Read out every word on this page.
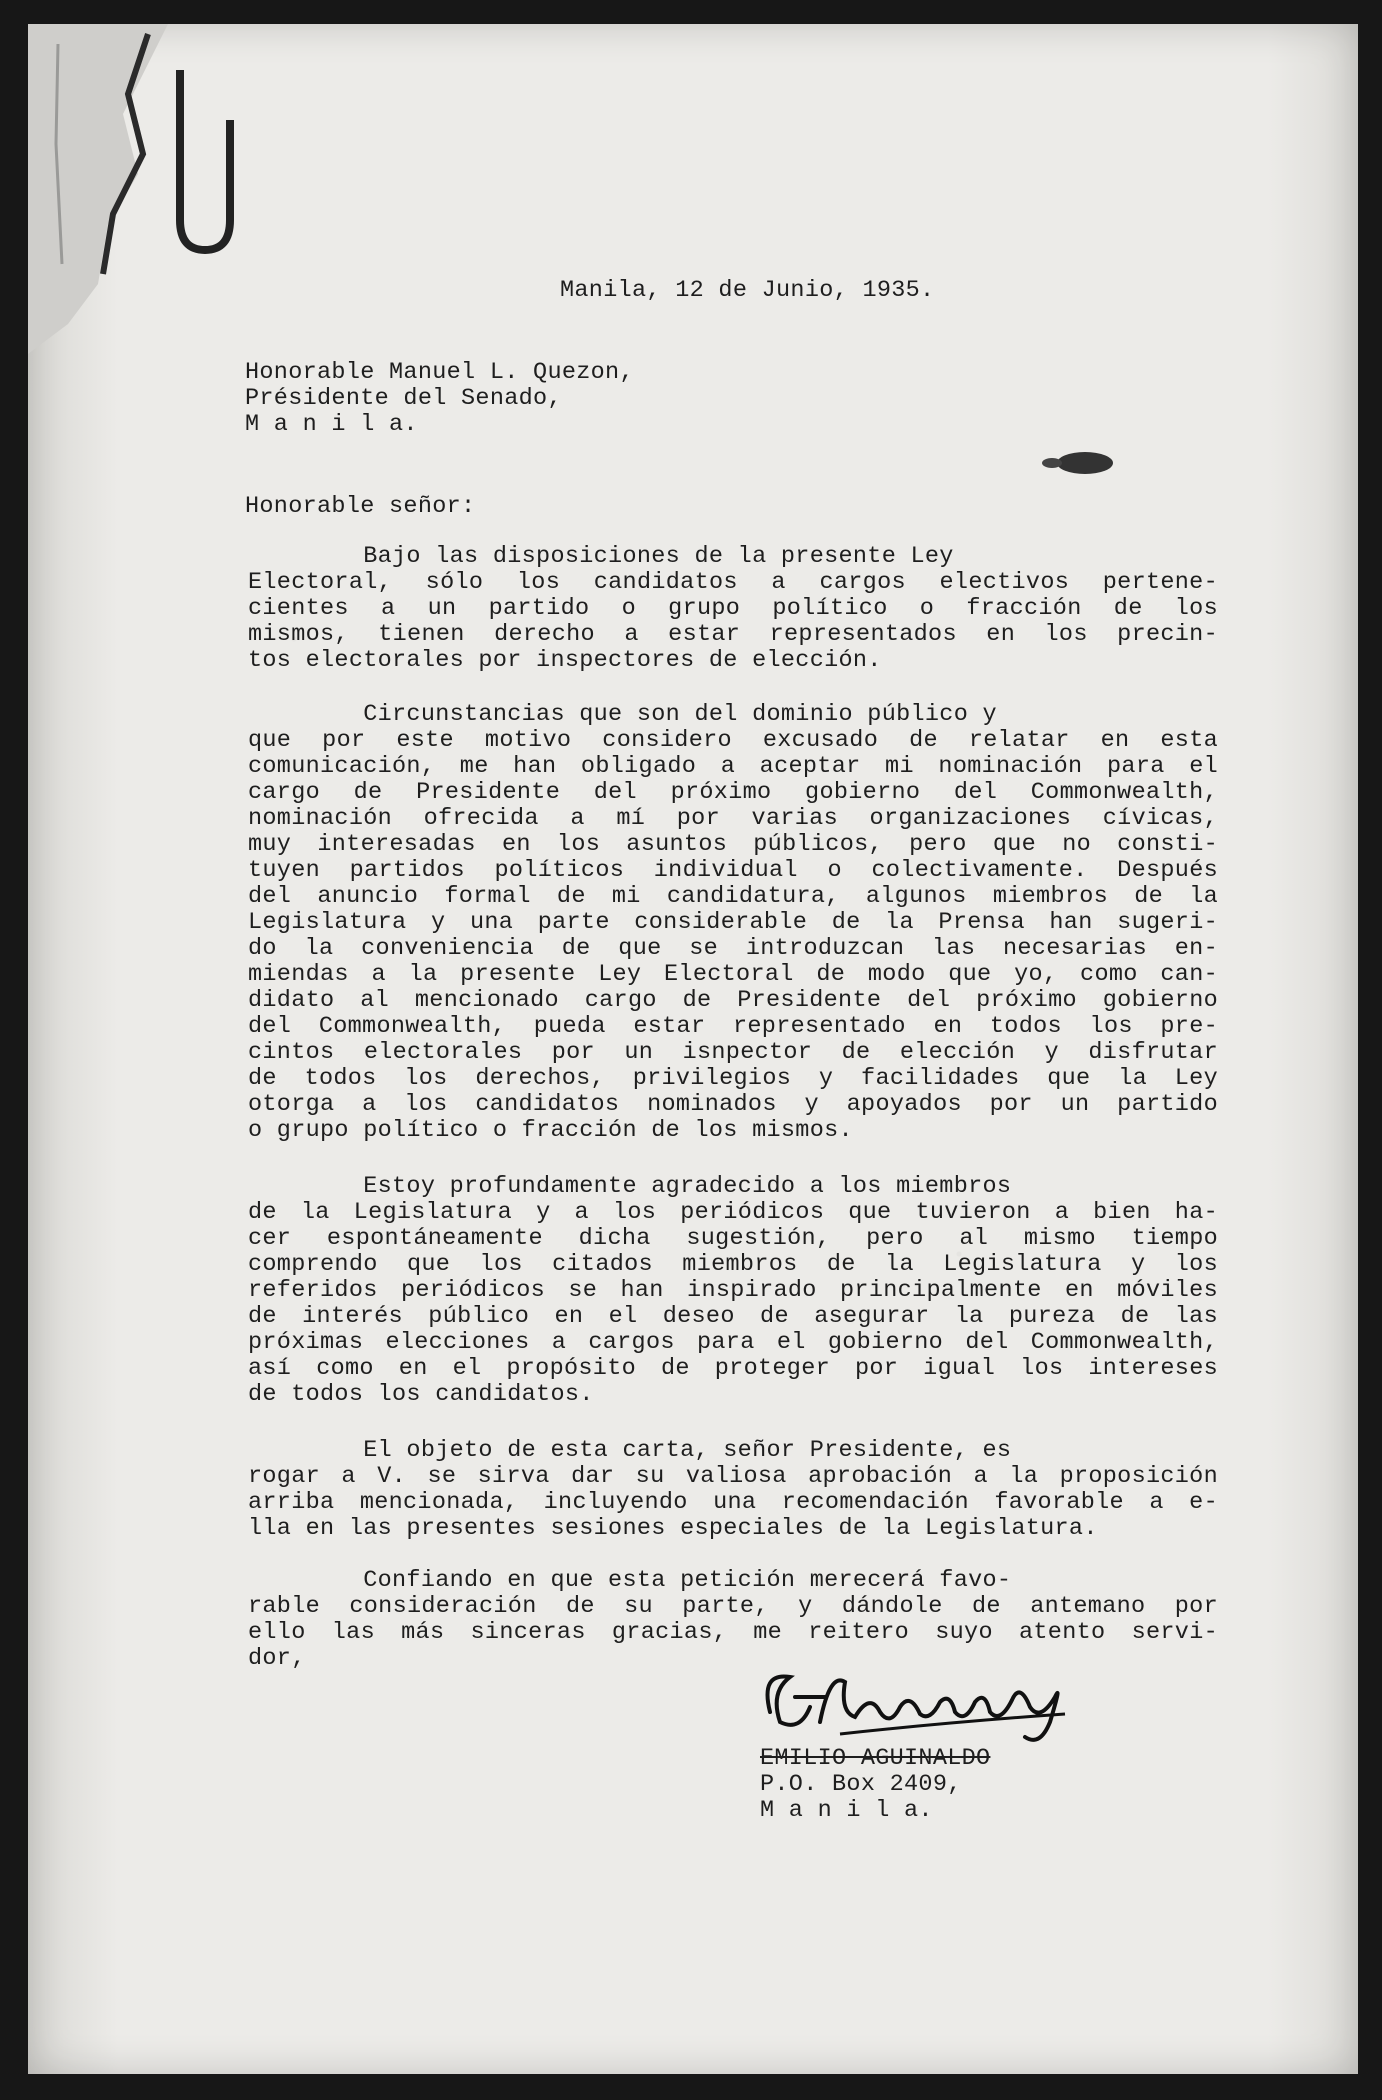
Manila, 12 de Junio, 1935.
Honorable Manuel L. Quezon,
Présidente del Senado,
M a n i l a.
Honorable señor:
Bajo las disposiciones de la presente Ley
Electoral, sólo los candidatos a cargos electivos pertene-
cientes a un partido o grupo político o fracción de los
mismos, tienen derecho a estar representados en los precin-
tos electorales por inspectores de elección.
Circunstancias que son del dominio público y
que por este motivo considero excusado de relatar en esta
comunicación, me han obligado a aceptar mi nominación para el
cargo de Presidente del próximo gobierno del Commonwealth,
nominación ofrecida a mí por varias organizaciones cívicas,
muy interesadas en los asuntos públicos, pero que no consti-
tuyen partidos políticos individual o colectivamente. Después
del anuncio formal de mi candidatura, algunos miembros de la
Legislatura y una parte considerable de la Prensa han sugeri-
do la conveniencia de que se introduzcan las necesarias en-
miendas a la presente Ley Electoral de modo que yo, como can-
didato al mencionado cargo de Presidente del próximo gobierno
del Commonwealth, pueda estar representado en todos los pre-
cintos electorales por un isnpector de elección y disfrutar
de todos los derechos, privilegios y facilidades que la Ley
otorga a los candidatos nominados y apoyados por un partido
o grupo político o fracción de los mismos.
Estoy profundamente agradecido a los miembros
de la Legislatura y a los periódicos que tuvieron a bien ha-
cer espontáneamente dicha sugestión, pero al mismo tiempo
comprendo que los citados miembros de la Legislatura y los
referidos periódicos se han inspirado principalmente en móviles
de interés público en el deseo de asegurar la pureza de las
próximas elecciones a cargos para el gobierno del Commonwealth,
así como en el propósito de proteger por igual los intereses
de todos los candidatos.
El objeto de esta carta, señor Presidente, es
rogar a V. se sirva dar su valiosa aprobación a la proposición
arriba mencionada, incluyendo una recomendación favorable a e-
lla en las presentes sesiones especiales de la Legislatura.
Confiando en que esta petición merecerá favo-
rable consideración de su parte, y dándole de antemano por
ello las más sinceras gracias, me reitero suyo atento servi-
dor,
EMILIO AGUINALDO
P.O. Box 2409,
M a n i l a.
